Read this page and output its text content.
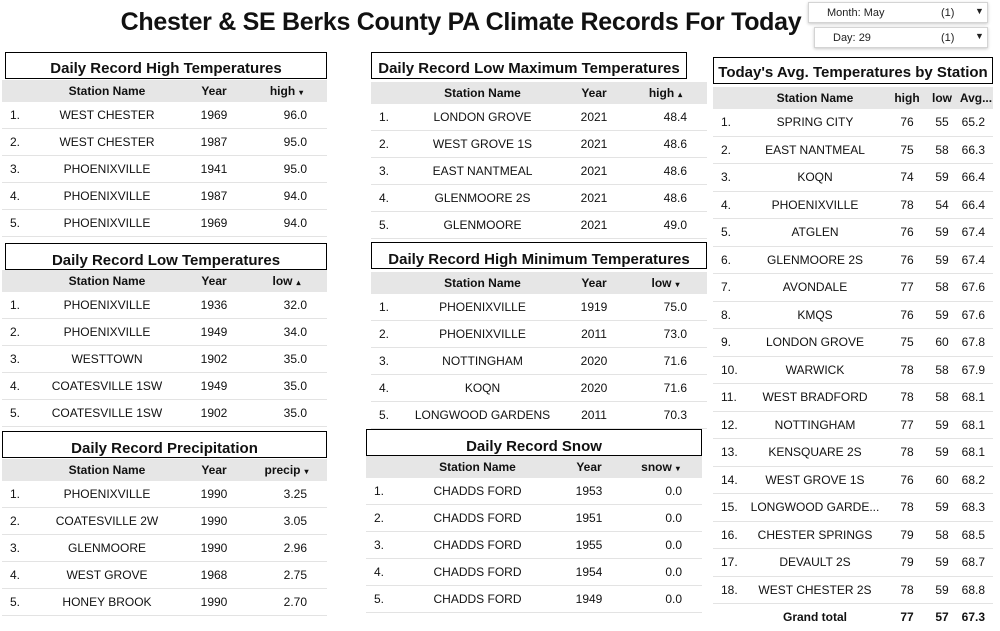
Chester & SE Berks County PA Climate Records For Today	Month: May	(1) ▼
Day: 29	(1) ▼
Daily Record High Temperatures
	Station Name	Year	high ▾
1.	WEST CHESTER	1969	96.0
2.	WEST CHESTER	1987	95.0
3.	PHOENIXVILLE	1941	95.0
4.	PHOENIXVILLE	1987	94.0
5.	PHOENIXVILLE	1969	94.0
Daily Record Low Temperatures
	Station Name	Year	low ▴
1.	PHOENIXVILLE	1936	32.0
2.	PHOENIXVILLE	1949	34.0
3.	WESTTOWN	1902	35.0
4.	COATESVILLE 1SW	1949	35.0
5.	COATESVILLE 1SW	1902	35.0
Daily Record Precipitation
	Station Name	Year	precip ▾
1.	PHOENIXVILLE	1990	3.25
2.	COATESVILLE 2W	1990	3.05
3.	GLENMOORE	1990	2.96
4.	WEST GROVE	1968	2.75
5.	HONEY BROOK	1990	2.70
Daily Record Low Maximum Temperatures
	Station Name	Year	high ▴
1.	LONDON GROVE	2021	48.4
2.	WEST GROVE 1S	2021	48.6
3.	EAST NANTMEAL	2021	48.6
4.	GLENMOORE 2S	2021	48.6
5.	GLENMOORE	2021	49.0
Daily Record High Minimum Temperatures
	Station Name	Year	low ▾
1.	PHOENIXVILLE	1919	75.0
2.	PHOENIXVILLE	2011	73.0
3.	NOTTINGHAM	2020	71.6
4.	KOQN	2020	71.6
5.	LONGWOOD GARDENS	2011	70.3
Daily Record Snow
	Station Name	Year	snow ▾
1.	CHADDS FORD	1953	0.0
2.	CHADDS FORD	1951	0.0
3.	CHADDS FORD	1955	0.0
4.	CHADDS FORD	1954	0.0
5.	CHADDS FORD	1949	0.0
Today's Avg. Temperatures by Station
	Station Name	high	low	Avg...
1.	SPRING CITY	76	55	65.2
2.	EAST NANTMEAL	75	58	66.3
3.	KOQN	74	59	66.4
4.	PHOENIXVILLE	78	54	66.4
5.	ATGLEN	76	59	67.4
6.	GLENMOORE 2S	76	59	67.4
7.	AVONDALE	77	58	67.6
8.	KMQS	76	59	67.6
9.	LONDON GROVE	75	60	67.8
10.	WARWICK	78	58	67.9
11.	WEST BRADFORD	78	58	68.1
12.	NOTTINGHAM	77	59	68.1
13.	KENSQUARE 2S	78	59	68.1
14.	WEST GROVE 1S	76	60	68.2
15.	LONGWOOD GARDE...	78	59	68.3
16.	CHESTER SPRINGS	79	58	68.5
17.	DEVAULT 2S	79	59	68.7
18.	WEST CHESTER 2S	78	59	68.8
	Grand total	77	57	67.3
